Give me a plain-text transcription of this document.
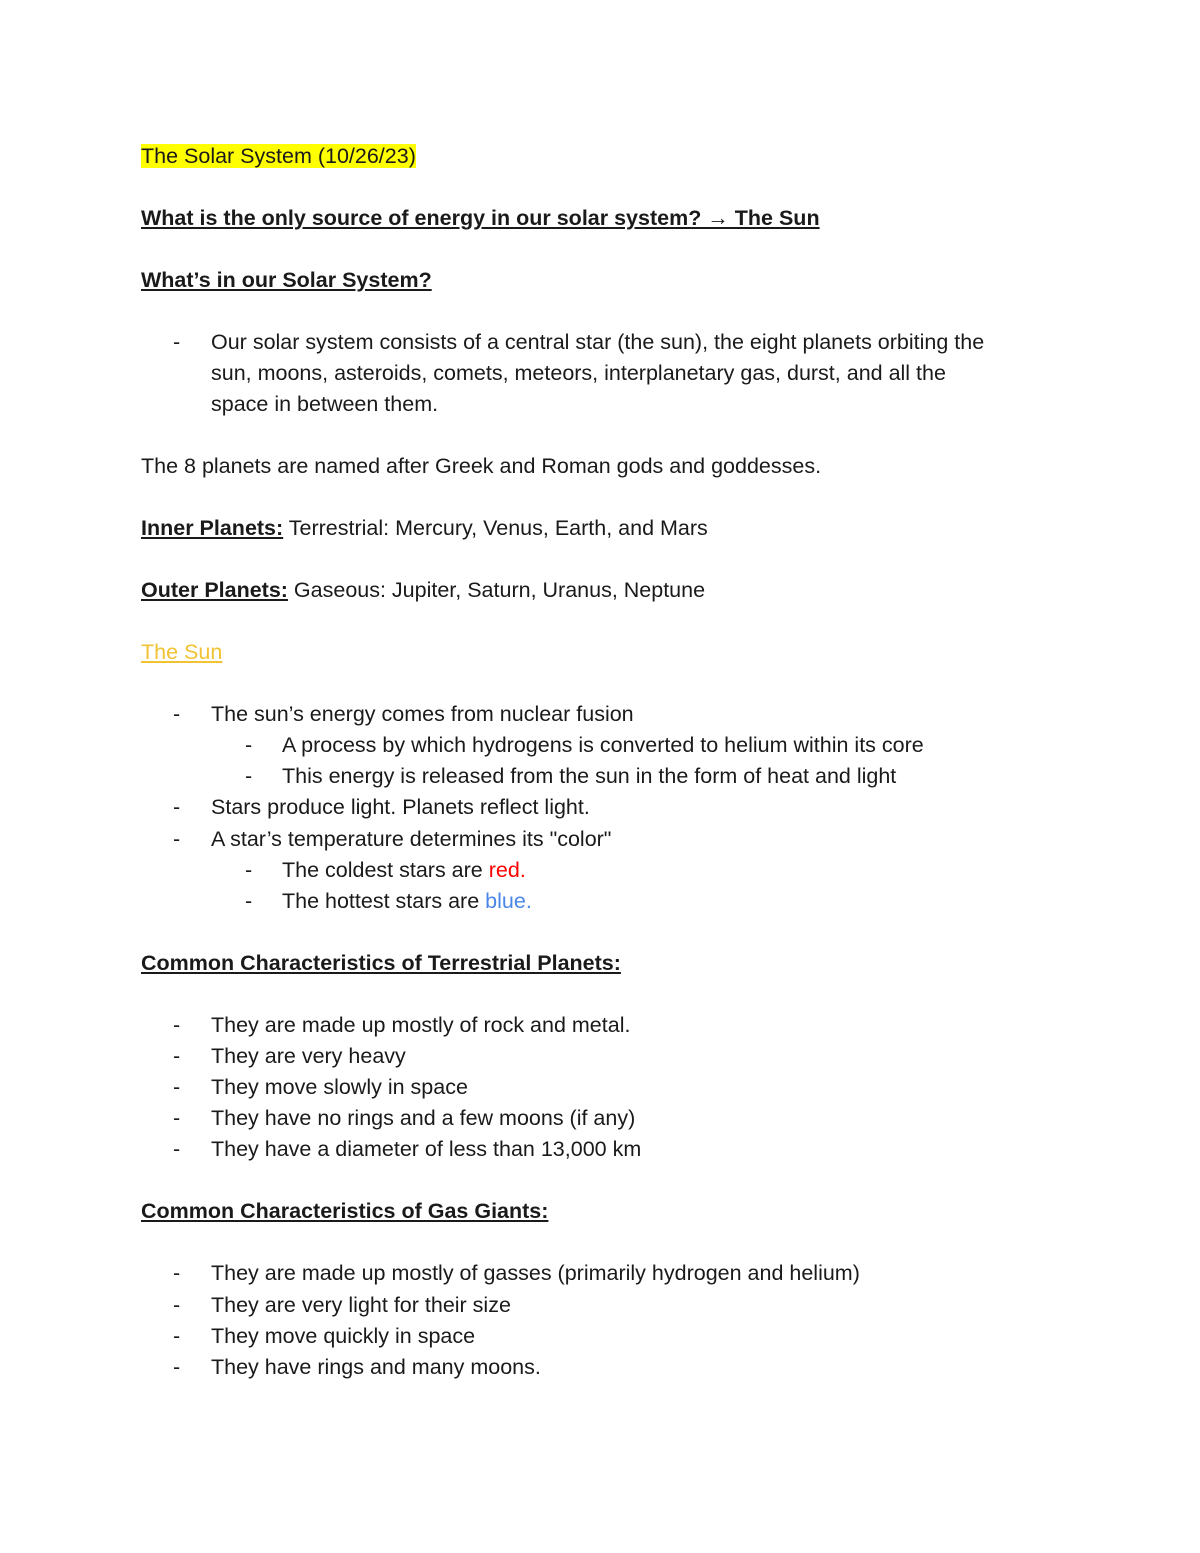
The Solar System (10/26/23)
What is the only source of energy in our solar system? → The Sun
What’s in our Solar System?
- Our solar system consists of a central star (the sun), the eight planets orbiting the
sun, moons, asteroids, comets, meteors, interplanetary gas, durst, and all the
space in between them.
The 8 planets are named after Greek and Roman gods and goddesses.
Inner Planets: Terrestrial: Mercury, Venus, Earth, and Mars
Outer Planets: Gaseous: Jupiter, Saturn, Uranus, Neptune
The Sun
- The sun’s energy comes from nuclear fusion
- A process by which hydrogens is converted to helium within its core
- This energy is released from the sun in the form of heat and light
- Stars produce light. Planets reflect light.
- A star’s temperature determines its "color"
- The coldest stars are red.
- The hottest stars are blue.
Common Characteristics of Terrestrial Planets:
- They are made up mostly of rock and metal.
- They are very heavy
- They move slowly in space
- They have no rings and a few moons (if any)
- They have a diameter of less than 13,000 km
Common Characteristics of Gas Giants:
- They are made up mostly of gasses (primarily hydrogen and helium)
- They are very light for their size
- They move quickly in space
- They have rings and many moons.
